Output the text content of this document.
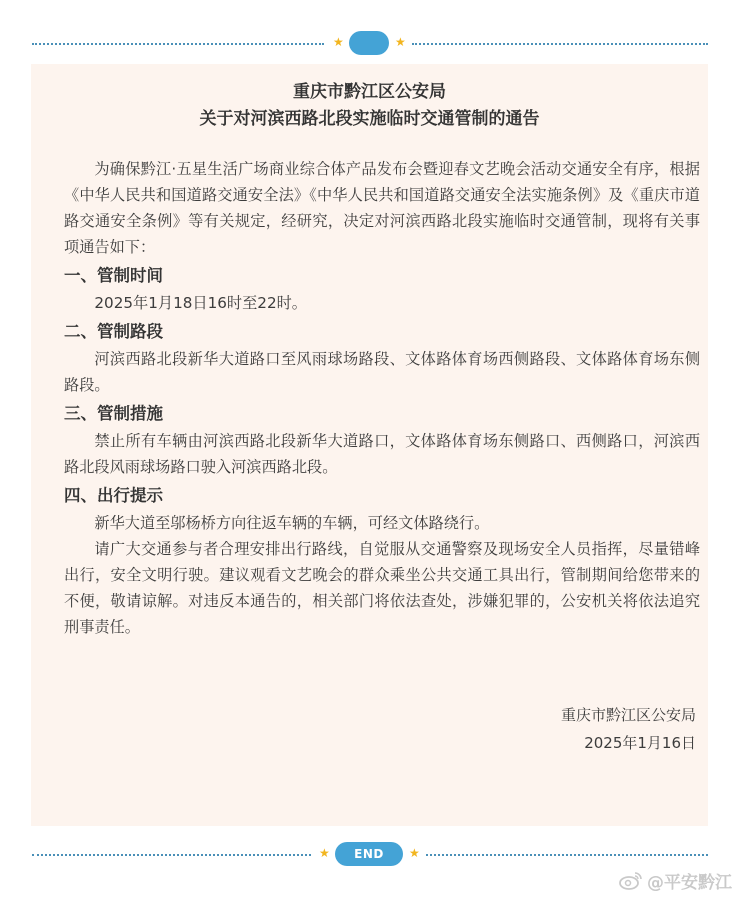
★	★
重庆市黔江区公安局
关于对河滨西路北段实施临时交通管制的通告

为确保黔江·五星生活广场商业综合体产品发布会暨迎春文艺晚会活动交通安全有序，根据《中华人民共和国道路交通安全法》《中华人民共和国道路交通安全法实施条例》及《重庆市道路交通安全条例》等有关规定，经研究，决定对河滨西路北段实施临时交通管制，现将有关事项通告如下：

一、管制时间

2025年1月18日16时至22时。

二、管制路段

河滨西路北段新华大道路口至风雨球场路段、文体路体育场西侧路段、文体路体育场东侧路段。

三、管制措施

禁止所有车辆由河滨西路北段新华大道路口，文体路体育场东侧路口、西侧路口，河滨西路北段风雨球场路口驶入河滨西路北段。

四、出行提示

新华大道至邬杨桥方向往返车辆的车辆，可经文体路绕行。

请广大交通参与者合理安排出行路线，自觉服从交通警察及现场安全人员指挥，尽量错峰出行，安全文明行驶。建议观看文艺晚会的群众乘坐公共交通工具出行，管制期间给您带来的不便，敬请谅解。对违反本通告的，相关部门将依法查处，涉嫌犯罪的，公安机关将依法追究刑事责任。

重庆市黔江区公安局
2025年1月16日
★	END	★
@平安黔江
